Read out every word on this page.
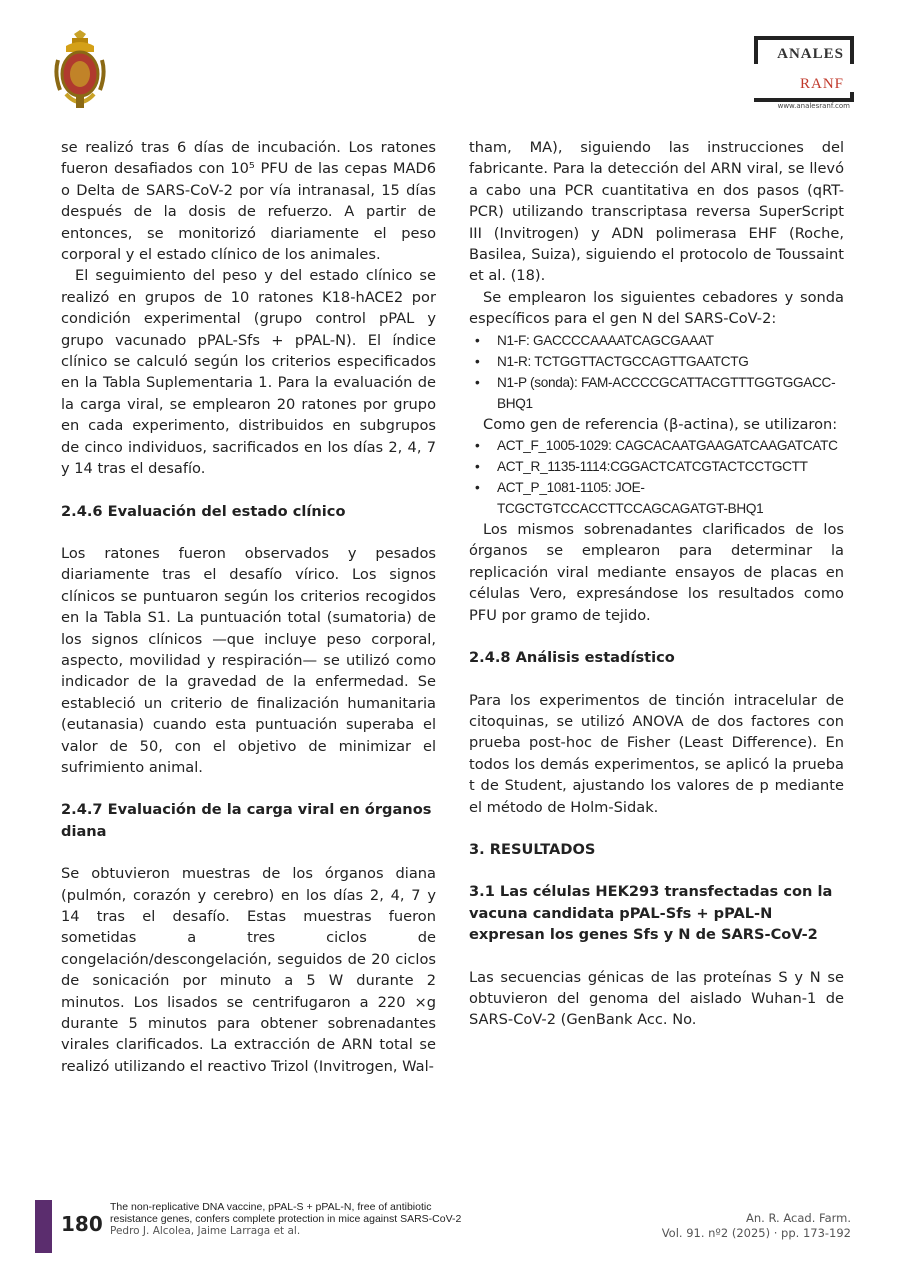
ANALES
RANF
www.analesranf.com

se realizó tras 6 días de incubación. Los ratones fueron desafiados con 10⁵ PFU de las cepas MAD6 o Delta de SARS-CoV-2 por vía intranasal, 15 días después de la dosis de refuerzo. A partir de entonces, se monitorizó diariamente el peso corporal y el estado clínico de los animales.

El seguimiento del peso y del estado clínico se realizó en grupos de 10 ratones K18-hACE2 por condición experimental (grupo control pPAL y grupo vacunado pPAL-Sfs + pPAL-N). El índice clínico se calculó según los criterios especificados en la Tabla Suplementaria 1. Para la evaluación de la carga viral, se emplearon 20 ratones por grupo en cada experimento, distribuidos en subgrupos de cinco individuos, sacrificados en los días 2, 4, 7 y 14 tras el desafío.

2.4.6 Evaluación del estado clínico

Los ratones fueron observados y pesados diariamente tras el desafío vírico. Los signos clínicos se puntuaron según los criterios recogidos en la Tabla S1. La puntuación total (sumatoria) de los signos clínicos —que incluye peso corporal, aspecto, movilidad y respiración— se utilizó como indicador de la gravedad de la enfermedad. Se estableció un criterio de finalización humanitaria (eutanasia) cuando esta puntuación superaba el valor de 50, con el objetivo de minimizar el sufrimiento animal.

2.4.7 Evaluación de la carga viral en órganos diana

Se obtuvieron muestras de los órganos diana (pulmón, corazón y cerebro) en los días 2, 4, 7 y 14 tras el desafío. Estas muestras fueron sometidas a tres ciclos de congelación/descongelación, seguidos de 20 ciclos de sonicación por minuto a 5 W durante 2 minutos. Los lisados se centrifugaron a 220 ×g durante 5 minutos para obtener sobrenadantes virales clarificados. La extracción de ARN total se realizó utilizando el reactivo Trizol (Invitrogen, Wal-

tham, MA), siguiendo las instrucciones del fabricante. Para la detección del ARN viral, se llevó a cabo una PCR cuantitativa en dos pasos (qRT-PCR) utilizando transcriptasa reversa SuperScript III (Invitrogen) y ADN polimerasa EHF (Roche, Basilea, Suiza), siguiendo el protocolo de Toussaint et al. (18).

Se emplearon los siguientes cebadores y sonda específicos para el gen N del SARS-CoV-2:

• N1-F: GACCCCAAAATCAGCGAAAT
• N1-R: TCTGGTTACTGCCAGTTGAATCTG
• N1-P (sonda): FAM-ACCCCGCATTACGTTTGGTGGACC-BHQ1

Como gen de referencia (β-actina), se utilizaron:

• ACT_F_1005-1029: CAGCACAATGAAGATCAAGATCATC
• ACT_R_1135-1114:CGGACTCATCGTACTCCTGCTT
• ACT_P_1081-1105: JOE-TCGCTGTCCACCTTCCAGCAGATGT-BHQ1

Los mismos sobrenadantes clarificados de los órganos se emplearon para determinar la replicación viral mediante ensayos de placas en células Vero, expresándose los resultados como PFU por gramo de tejido.

2.4.8 Análisis estadístico

Para los experimentos de tinción intracelular de citoquinas, se utilizó ANOVA de dos factores con prueba post-hoc de Fisher (Least Difference). En todos los demás experimentos, se aplicó la prueba t de Student, ajustando los valores de p mediante el método de Holm-Sidak.

3. RESULTADOS
3.1 Las células HEK293 transfectadas con la vacuna candidata pPAL-Sfs + pPAL-N expresan los genes Sfs y N de SARS-CoV-2

Las secuencias génicas de las proteínas S y N se obtuvieron del genoma del aislado Wuhan-1 de SARS-CoV-2 (GenBank Acc. No.

180
The non-replicative DNA vaccine, pPAL-S + pPAL-N, free of antibiotic resistance genes, confers complete protection in mice against SARS-CoV-2
Pedro J. Alcolea, Jaime Larraga et al.
An. R. Acad. Farm.
Vol. 91. nº2 (2025) · pp. 173-192
